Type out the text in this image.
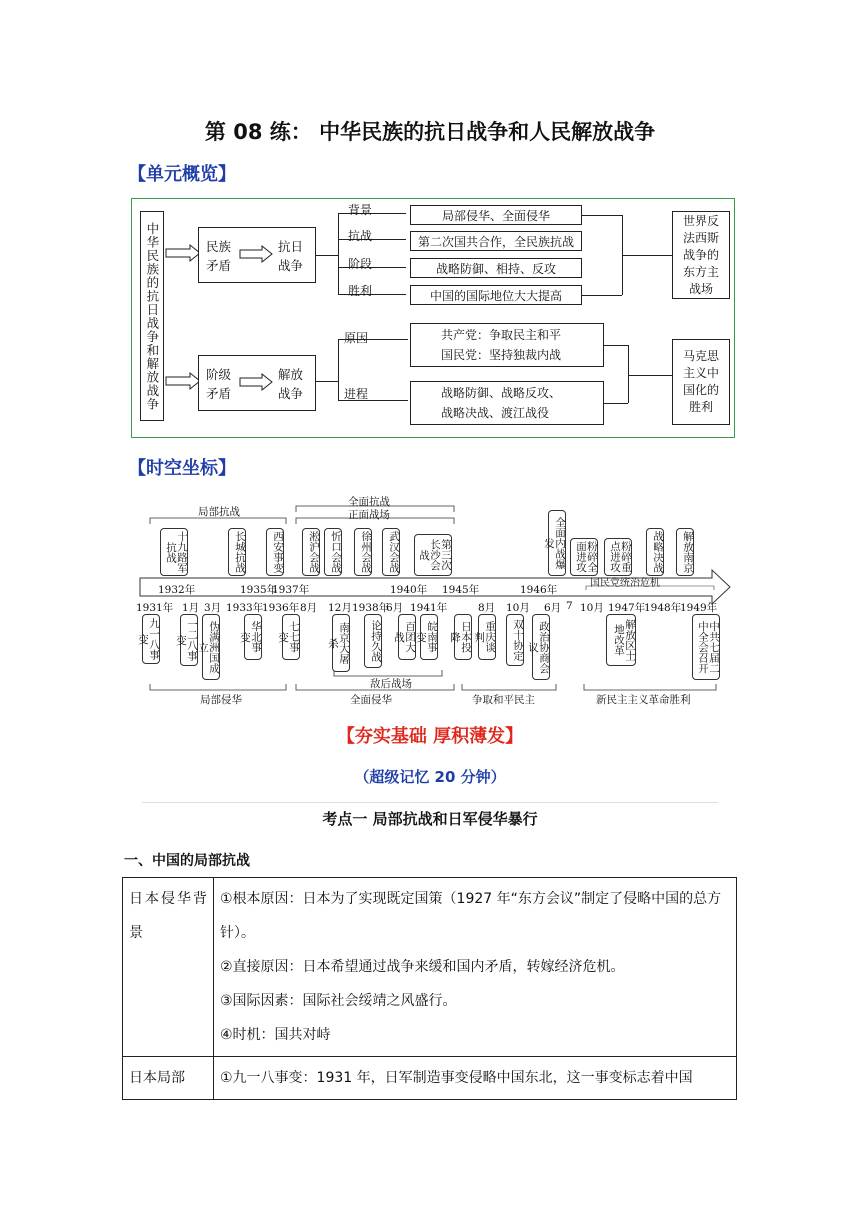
第 08 练： 中华民族的抗日战争和人民解放战争
【单元概览】
中华民族的抗日战争和解放战争	民族
矛盾
抗日
战争
背景
抗战
阶段
胜利
局部侵华、全面侵华
第二次国共合作，全民族抗战
战略防御、相持、反攻
中国的国际地位大大提高
世界反法西斯战争的东方主战场
阶级
矛盾
解放
战争
原因
进程
共产党：争取民主和平
国民党：坚持独裁内战
战略防御、战略反攻、
战略决战、渡江战役
马克思主义中国化的胜利
【时空坐标】
局部抗战
全面抗战
正面战场
十九路军抗战	长城抗战	西安事变	淞沪会战 忻口会战	徐州会战	武汉会战	第三次长沙会战	全面内战爆发	粉碎全面进攻	粉碎重点进攻	战略决战	解放南京
1932年	1935年
1937年	1940年 1945年	1946年
国民党统治危机
1931年 1月 3月 1933年
1936年 8月 12月 1938年
6月 1941年	8月 10月 6月 7 10月 1947年
1948年
1949年
九一八事变	一二八事变	伪满洲国成立	华北事变	七七事变	南京大屠杀	论持久战	百团大战	皖南事变	日本投降	重庆谈判	双十协定	政治协商会议	解放区土地改革	中共七届二中全会召开
局部侵华	全面侵华
敌后战场
争取和平民主	新民主主义革命胜利
【夯实基础 厚积薄发】
（超级记忆 20 分钟）
考点一 局部抗战和日军侵华暴行
一、中国的局部抗战
日本侵华背景	①根本原因：日本为了实现既定国策（1927 年“东方会议”制定了侵略中国的总方针）。
②直接原因：日本希望通过战争来缓和国内矛盾，转嫁经济危机。
③国际因素：国际社会绥靖之风盛行。
④时机：国共对峙

日本局部	①九一八事变：1931 年，日军制造事变侵略中国东北，这一事变标志着中国
